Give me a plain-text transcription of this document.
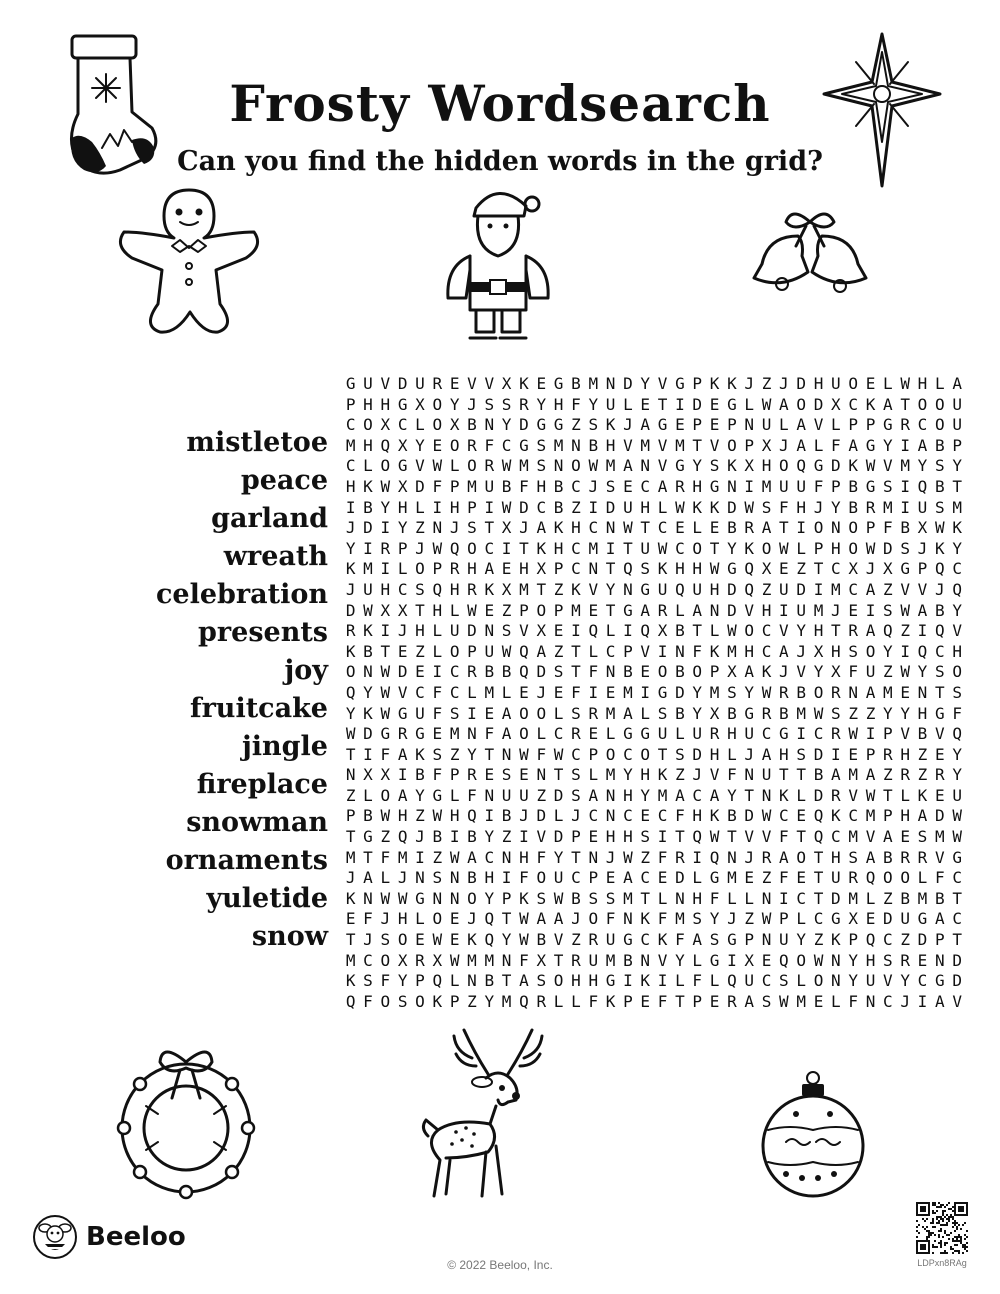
Frosty Wordsearch
Can you find the hidden words in the grid?
mistletoe
peace
garland
wreath
celebration
presents
joy
fruitcake
jingle
fireplace
snowman
ornaments
yuletide
snow
G U V D U R E V V X K E G B M N D Y V G P K K J Z J D H U O E L W H L A
P H H G X O Y J S S R Y H F Y U L E T I D E G L W A O D X C K A T O O U
C O X C L O X B N Y D G G Z S K J A G E P E P N U L A V L P P G R C O U
M H Q X Y E O R F C G S M N B H V M V M T V O P X J A L F A G Y I A B P
C L O G V W L O R W M S N O W M A N V G Y S K X H O Q G D K W V M Y S Y
H K W X D F P M U B F H B C J S E C A R H G N I M U U F P B G S I Q B T
I B Y H L I H P I W D C B Z I D U H L W K K D W S F H J Y B R M I U S M
J D I Y Z N J S T X J A K H C N W T C E L E B R A T I O N O P F B X W K
Y I R P J W Q O C I T K H C M I T U W C O T Y K O W L P H O W D S J K Y
K M I L O P R H A E H X P C N T Q S K H H W G Q X E Z T C X J X G P Q C
J U H C S Q H R K X M T Z K V Y N G U Q U H D Q Z U D I M C A Z V V J Q
D W X X T H L W E Z P O P M E T G A R L A N D V H I U M J E I S W A B Y
R K I J H L U D N S V X E I Q L I Q X B T L W O C V Y H T R A Q Z I Q V
K B T E Z L O P U W Q A Z T L C P V I N F K M H C A J X H S O Y I Q C H
O N W D E I C R B B Q D S T F N B E O B O P X A K J V Y X F U Z W Y S O
Q Y W V C F C L M L E J E F I E M I G D Y M S Y W R B O R N A M E N T S
Y K W G U F S I E A O O L S R M A L S B Y X B G R B M W S Z Z Y Y H G F
W D G R G E M N F A O L C R E L G G U L U R H U C G I C R W I P V B V Q
T I F A K S Z Y T N W F W C P O C O T S D H L J A H S D I E P R H Z E Y
N X X I B F P R E S E N T S L M Y H K Z J V F N U T T B A M A Z R Z R Y
Z L O A Y G L F N U U Z D S A N H Y M A C A Y T N K L D R V W T L K E U
P B W H Z W H Q I B J D L J C N C E C F H K B D W C E Q K C M P H A D W
T G Z Q J B I B Y Z I V D P E H H S I T Q W T V V F T Q C M V A E S M W
M T F M I Z W A C N H F Y T N J W Z F R I Q N J R A O T H S A B R R V G
J A L J N S N B H I F O U C P E A C E D L G M E Z F E T U R Q O O L F C
K N W W G N N O Y P K S W B S S M T L N H F L L N I C T D M L Z B M B T
E F J H L O E J Q T W A A J O F N K F M S Y J Z W P L C G X E D U G A C
T J S O E W E K Q Y W B V Z R U G C K F A S G P N U Y Z K P Q C Z D P T
M C O X R X W M M N F X T R U M B N V Y L G I X E Q O W N Y H S R E N D
K S F Y P Q L N B T A S O H H G I K I L F L Q U C S L O N Y U V Y C G D
Q F O S O K P Z Y M Q R L L F K P E F T P E R A S W M E L F N C J I A V
Beeloo
© 2022 Beeloo, Inc.	LDPxn8RAg
